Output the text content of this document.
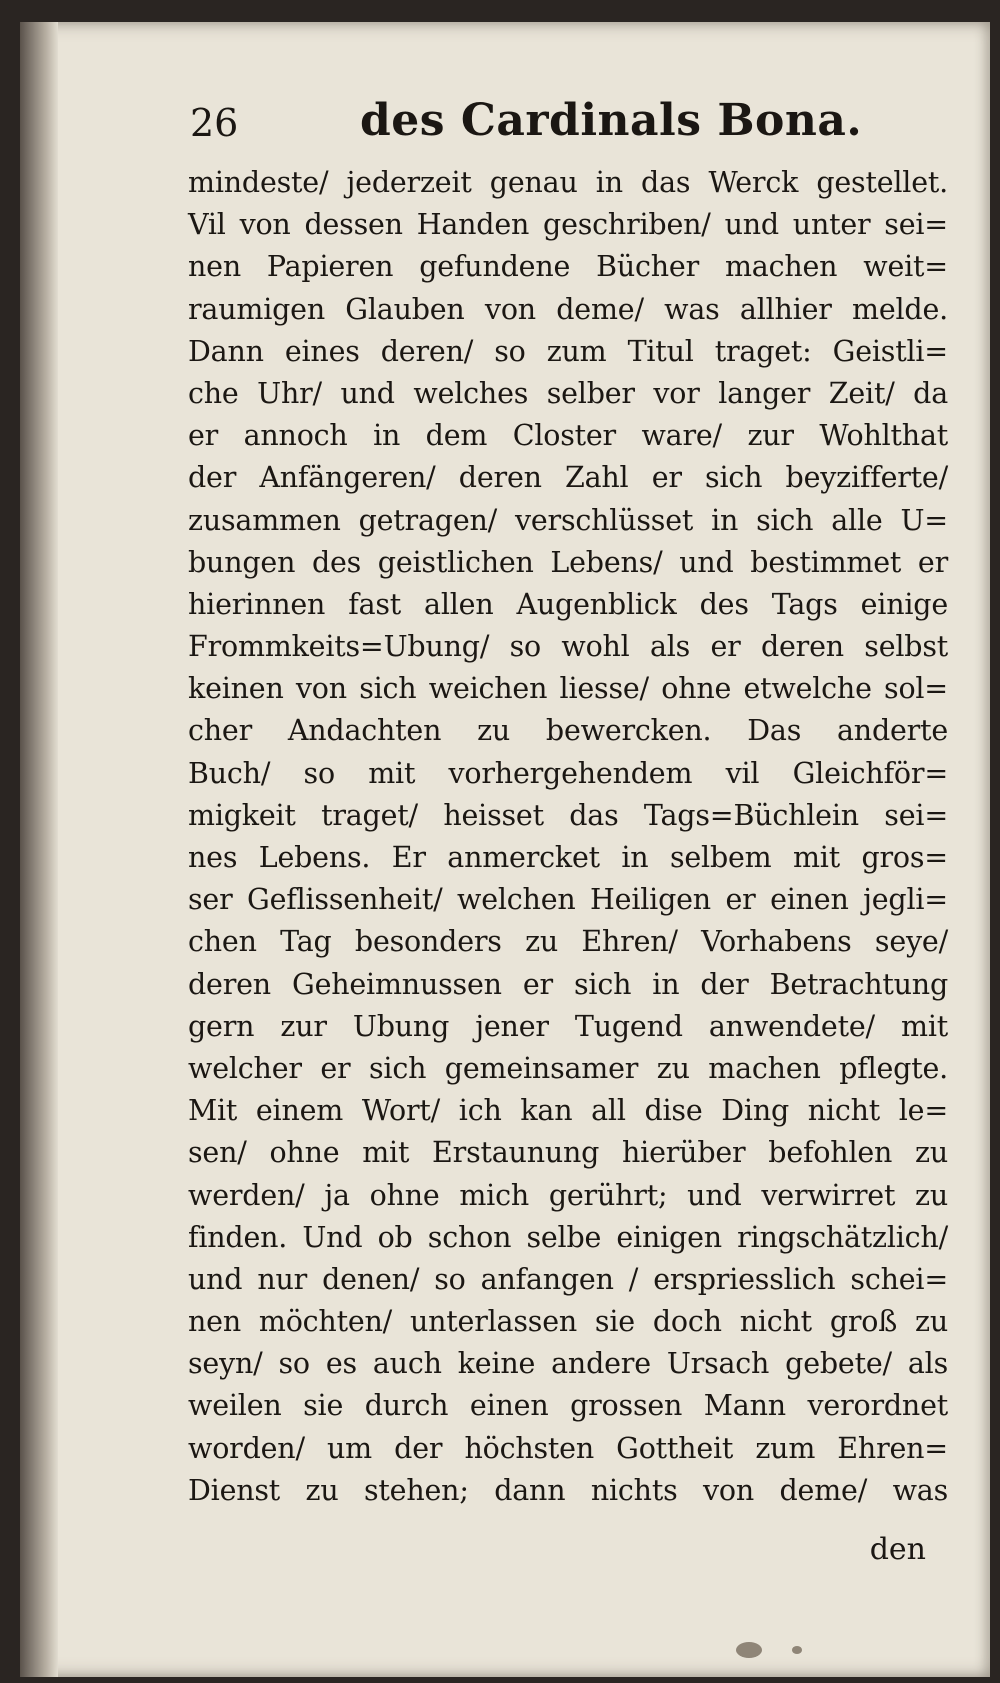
26	des Cardinals Bona.
mindeste/ jederzeit genau in das Werck gestellet.
Vil von dessen Handen geschriben/ und unter sei=
nen Papieren gefundene Bücher machen weit=
raumigen Glauben von deme/ was allhier melde.
Dann eines deren/ so zum Titul traget: Geistli=
che Uhr/ und welches selber vor langer Zeit/ da
er annoch in dem Closter ware/ zur Wohlthat
der Anfängeren/ deren Zahl er sich beyzifferte/
zusammen getragen/ verschlüsset in sich alle U=
bungen des geistlichen Lebens/ und bestimmet er
hierinnen fast allen Augenblick des Tags einige
Frommkeits=Ubung/ so wohl als er deren selbst
keinen von sich weichen liesse/ ohne etwelche sol=
cher Andachten zu bewercken. Das anderte
Buch/ so mit vorhergehendem vil Gleichför=
migkeit traget/ heisset das Tags=Büchlein sei=
nes Lebens. Er anmercket in selbem mit gros=
ser Geflissenheit/ welchen Heiligen er einen jegli=
chen Tag besonders zu Ehren/ Vorhabens seye/
deren Geheimnussen er sich in der Betrachtung
gern zur Ubung jener Tugend anwendete/ mit
welcher er sich gemeinsamer zu machen pflegte.
Mit einem Wort/ ich kan all dise Ding nicht le=
sen/ ohne mit Erstaunung hierüber befohlen zu
werden/ ja ohne mich gerührt; und verwirret zu
finden. Und ob schon selbe einigen ringschätzlich/
und nur denen/ so anfangen / erspriesslich schei=
nen möchten/ unterlassen sie doch nicht groß zu
seyn/ so es auch keine andere Ursach gebete/ als
weilen sie durch einen grossen Mann verordnet
worden/ um der höchsten Gottheit zum Ehren=
Dienst zu stehen; dann nichts von deme/ was
den
